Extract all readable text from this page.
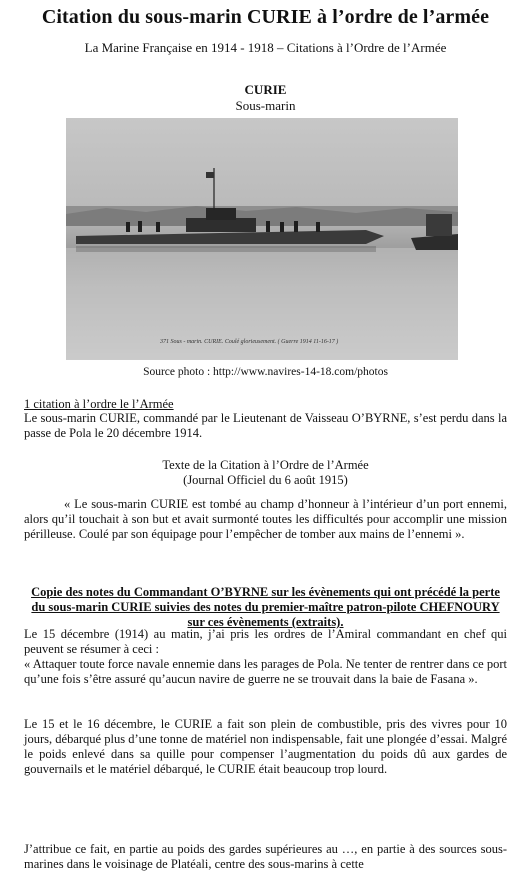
Citation du sous-marin CURIE à l’ordre de l’armée
La Marine Française en 1914 - 1918 – Citations à l’Ordre de l’Armée
CURIE
Sous-marin
371 Sous - marin. CURIE. Coulé glorieusement. ( Guerre 1914 11-16-17 )
Source photo : http://www.navires-14-18.com/photos
1 citation à l’ordre le l’Armée
Le sous-marin CURIE, commandé par le Lieutenant de Vaisseau O’BYRNE, s’est perdu dans la passe de Pola le 20 décembre 1914.
Texte de la Citation à l’Ordre de l’Armée
(Journal Officiel du 6 août 1915)
« Le sous-marin CURIE est tombé au champ d’honneur à l’intérieur d’un port ennemi, alors qu’il touchait à son but et avait surmonté toutes les difficultés pour accomplir une mission périlleuse. Coulé par son équipage pour l’empêcher de tomber aux mains de l’ennemi ».
Copie des notes du Commandant O’BYRNE sur les évènements qui ont précédé la perte du sous-marin CURIE suivies des notes du premier-maître patron-pilote CHEFNOURY sur ces évènements (extraits).

Le 15 décembre (1914) au matin, j’ai pris les ordres de l’Amiral commandant en chef qui peuvent se résumer à ceci :

« Attaquer toute force navale ennemie dans les parages de Pola. Ne tenter de rentrer dans ce port qu’une fois s’être assuré qu’aucun navire de guerre ne se trouvait dans la baie de Fasana ».

Le 15 et le 16 décembre, le CURIE a fait son plein de combustible, pris des vivres pour 10 jours, débarqué plus d’une tonne de matériel non indispensable, fait une plongée d’essai. Malgré le poids enlevé dans sa quille pour compenser l’augmentation du poids dû aux gardes de gouvernails et le matériel débarqué, le CURIE était beaucoup trop lourd.
J’attribue ce fait, en partie au poids des gardes supérieures au …, en partie à des sources sous-marines dans le voisinage de Platéali, centre des sous-marins à cette
